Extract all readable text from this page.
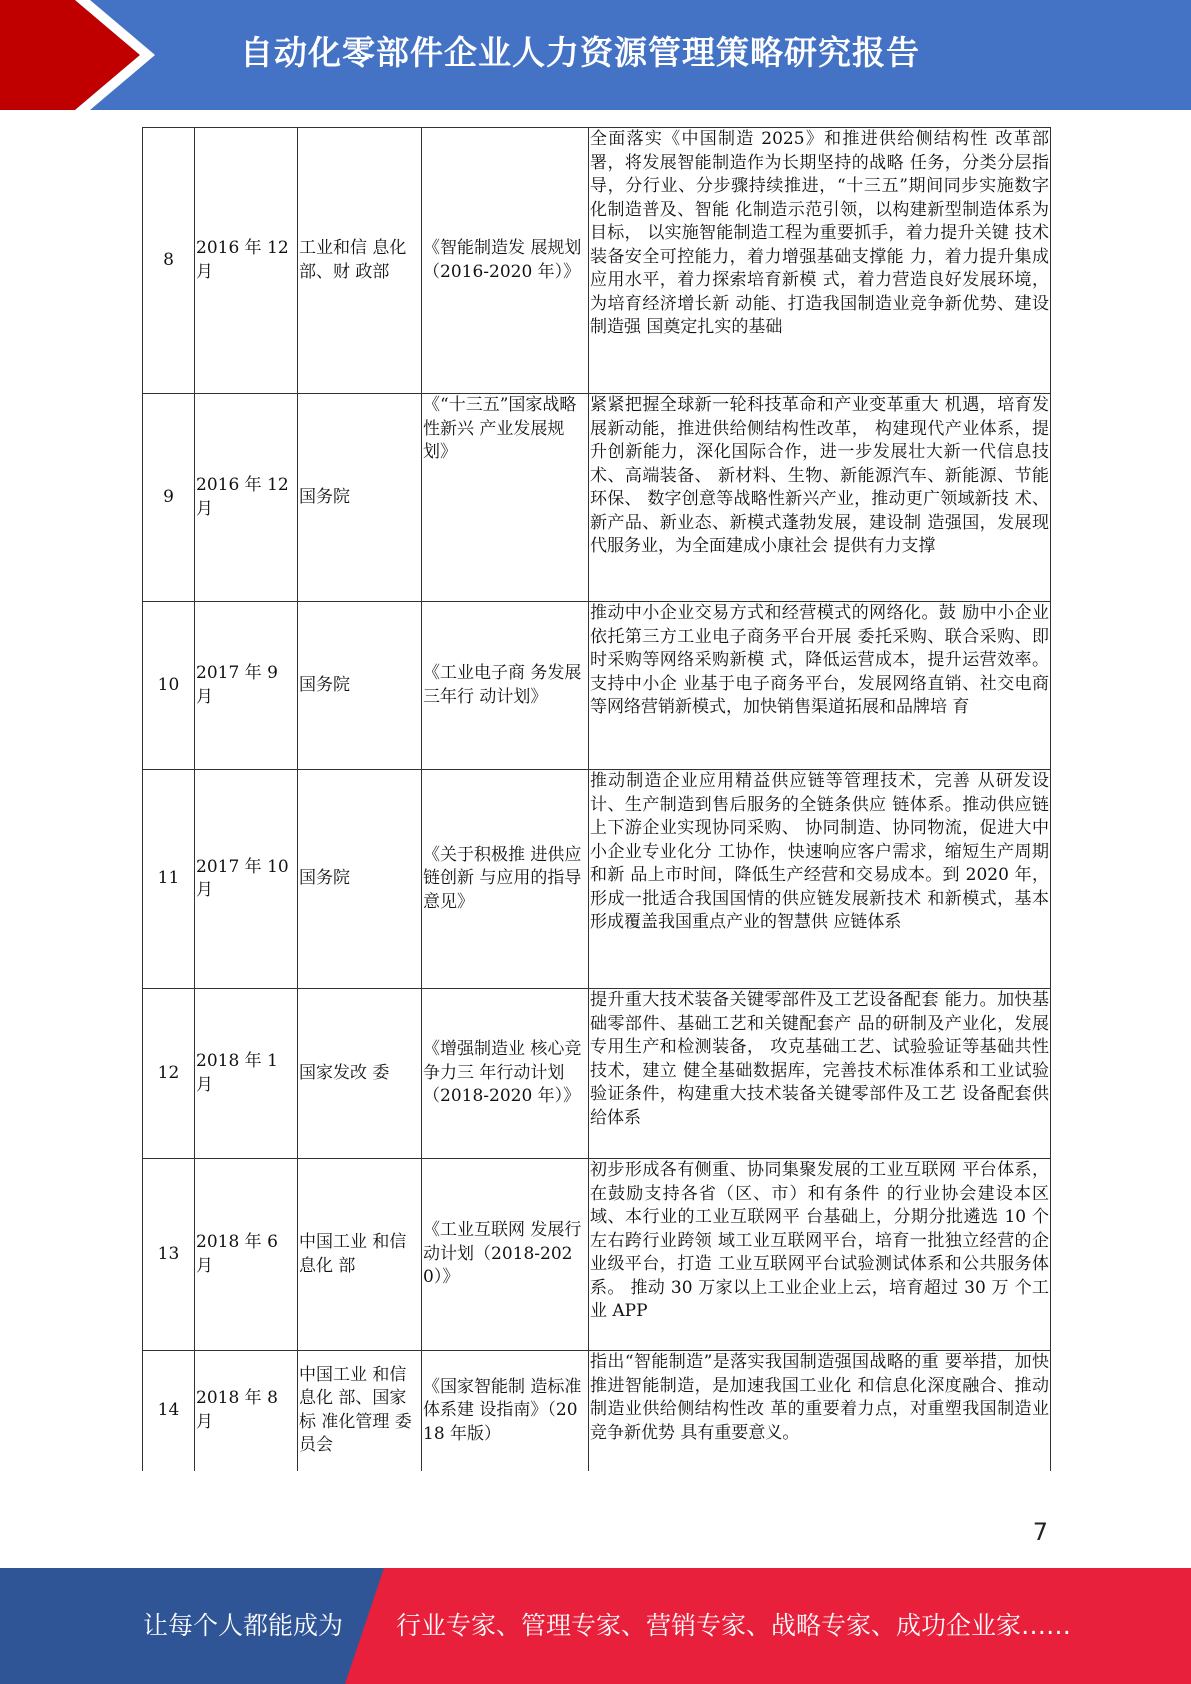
自动化零部件企业人力资源管理策略研究报告
8	2016 年 12 月	工业和信 息化部、财 政部	《智能制造发 展规划（2016-2020 年）》	全面落实《中国制造 2025》和推进供给侧结构性 改革部署，将发展智能制造作为长期坚持的战略 任务，分类分层指导，分行业、分步骤持续推进，“十三五”期间同步实施数字化制造普及、智能 化制造示范引领，以构建新型制造体系为目标， 以实施智能制造工程为重要抓手，着力提升关键 技术装备安全可控能力，着力增强基础支撑能 力，着力提升集成应用水平，着力探索培育新模 式，着力营造良好发展环境，为培育经济增长新 动能、打造我国制造业竞争新优势、建设制造强 国奠定扎实的基础
9	2016 年 12 月	国务院	《“十三五”国家战略性新兴 产业发展规划》	紧紧把握全球新一轮科技革命和产业变革重大 机遇，培育发展新动能，推进供给侧结构性改革， 构建现代产业体系，提升创新能力，深化国际合作，进一步发展壮大新一代信息技术、高端装备、 新材料、生物、新能源汽车、新能源、节能环保、 数字创意等战略性新兴产业，推动更广领域新技 术、新产品、新业态、新模式蓬勃发展，建设制 造强国，发展现代服务业，为全面建成小康社会 提供有力支撑
10	2017 年 9 月	国务院	《工业电子商 务发展三年行 动计划》	推动中小企业交易方式和经营模式的网络化。鼓 励中小企业依托第三方工业电子商务平台开展 委托采购、联合采购、即时采购等网络采购新模 式，降低运营成本，提升运营效率。支持中小企 业基于电子商务平台，发展网络直销、社交电商 等网络营销新模式，加快销售渠道拓展和品牌培 育
11	2017 年 10 月	国务院	《关于积极推 进供应链创新 与应用的指导 意见》	推动制造企业应用精益供应链等管理技术，完善 从研发设计、生产制造到售后服务的全链条供应 链体系。推动供应链上下游企业实现协同采购、 协同制造、协同物流，促进大中小企业专业化分 工协作，快速响应客户需求，缩短生产周期和新 品上市时间，降低生产经营和交易成本。到 2020 年，形成一批适合我国国情的供应链发展新技术 和新模式，基本形成覆盖我国重点产业的智慧供 应链体系
12	2018 年 1 月	国家发改 委	《增强制造业 核心竞争力三 年行动计划（2018-2020 年）》	提升重大技术装备关键零部件及工艺设备配套 能力。加快基础零部件、基础工艺和关键配套产 品的研制及产业化，发展专用生产和检测装备， 攻克基础工艺、试验验证等基础共性技术，建立 健全基础数据库，完善技术标准体系和工业试验 验证条件，构建重大技术装备关键零部件及工艺 设备配套供给体系
13	2018 年 6 月	中国工业 和信息化 部	《工业互联网 发展行动计划（2018-2020）》	初步形成各有侧重、协同集聚发展的工业互联网 平台体系，在鼓励支持各省（区、市）和有条件 的行业协会建设本区域、本行业的工业互联网平 台基础上，分期分批遴选 10 个左右跨行业跨领 域工业互联网平台，培育一批独立经营的企业级平台，打造 工业互联网平台试验测试体系和公共服务体系。 推动 30 万家以上工业企业上云，培育超过 30 万 个工业 APP
14	2018 年 8 月	中国工业 和信息化 部、国家标 准化管理 委员会	《国家智能制 造标准体系建 设指南》（2018 年版）	指出“智能制造”是落实我国制造强国战略的重 要举措，加快推进智能制造，是加速我国工业化 和信息化深度融合、推动制造业供给侧结构性改 革的重要着力点，对重塑我国制造业竞争新优势 具有重要意义。
7
让每个人都能成为 行业专家、管理专家、营销专家、战略专家、成功企业家……
